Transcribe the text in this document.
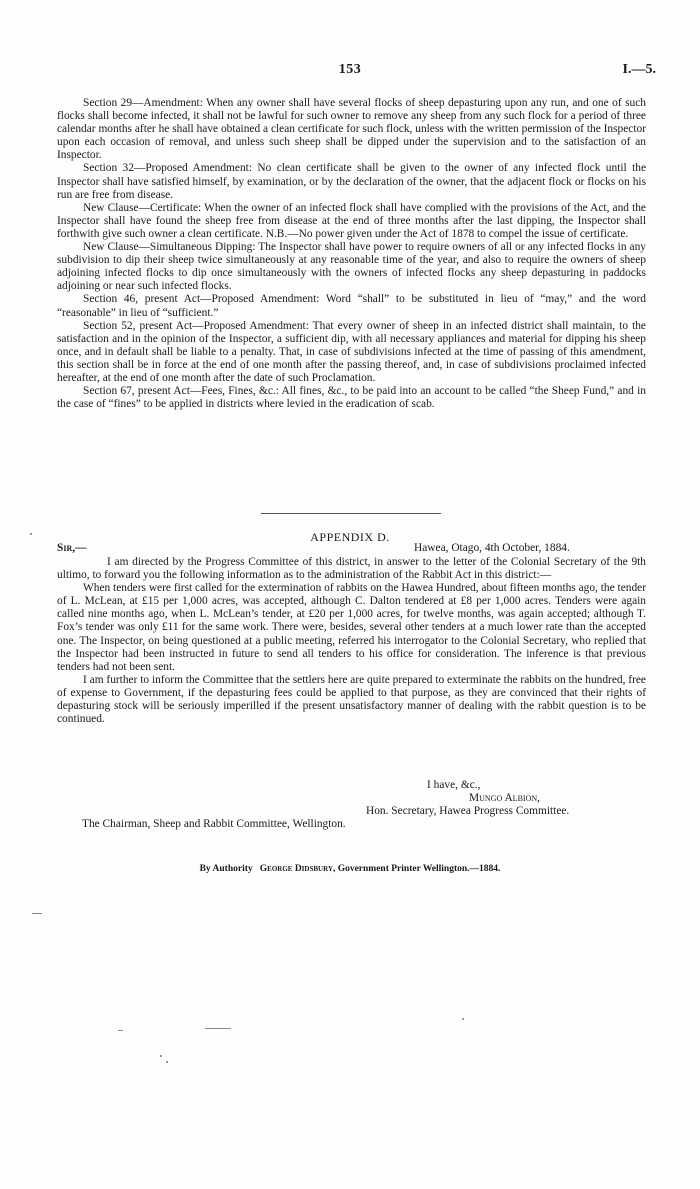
153	I.—5.

Section 29—Amendment: When any owner shall have several flocks of sheep depasturing upon any run, and one of such flocks shall become infected, it shall not be lawful for such owner to remove any sheep from any such flock for a period of three calendar months after he shall have obtained a clean certificate for such flock, unless with the written permission of the Inspector upon each occasion of removal, and unless such sheep shall be dipped under the supervision and to the satisfaction of an Inspector.

Section 32—Proposed Amendment: No clean certificate shall be given to the owner of any infected flock until the Inspector shall have satisfied himself, by examination, or by the declaration of the owner, that the adjacent flock or flocks on his run are free from disease.

New Clause—Certificate: When the owner of an infected flock shall have complied with the provisions of the Act, and the Inspector shall have found the sheep free from disease at the end of three months after the last dipping, the Inspector shall forthwith give such owner a clean certificate. N.B.—No power given under the Act of 1878 to compel the issue of certificate.

New Clause—Simultaneous Dipping: The Inspector shall have power to require owners of all or any infected flocks in any subdivision to dip their sheep twice simultaneously at any reasonable time of the year, and also to require the owners of sheep adjoining infected flocks to dip once simultaneously with the owners of infected flocks any sheep depasturing in paddocks adjoining or near such infected flocks.

Section 46, present Act—Proposed Amendment: Word “shall” to be substituted in lieu of “may,” and the word “reasonable” in lieu of “sufficient.”

Section 52, present Act—Proposed Amendment: That every owner of sheep in an infected district shall maintain, to the satisfaction and in the opinion of the Inspector, a sufficient dip, with all necessary appliances and material for dipping his sheep once, and in default shall be liable to a penalty. That, in case of subdivisions infected at the time of passing of this amendment, this section shall be in force at the end of one month after the passing thereof, and, in case of subdivisions proclaimed infected hereafter, at the end of one month after the date of such Proclamation.

Section 67, present Act—Fees, Fines, &c.: All fines, &c., to be paid into an account to be called “the Sheep Fund,” and in the case of “fines” to be applied in districts where levied in the eradication of scab.

APPENDIX D.
Sir,—	Hawea, Otago, 4th October, 1884.

I am directed by the Progress Committee of this district, in answer to the letter of the Colonial Secretary of the 9th ultimo, to forward you the following information as to the administration of the Rabbit Act in this district:—

When tenders were first called for the extermination of rabbits on the Hawea Hundred, about fifteen months ago, the tender of L. McLean, at £15 per 1,000 acres, was accepted, although C. Dalton tendered at £8 per 1,000 acres. Tenders were again called nine months ago, when L. McLean’s tender, at £20 per 1,000 acres, for twelve months, was again accepted; although T. Fox’s tender was only £11 for the same work. There were, besides, several other tenders at a much lower rate than the accepted one. The Inspector, on being questioned at a public meeting, referred his interrogator to the Colonial Secretary, who replied that the Inspector had been instructed in future to send all tenders to his office for consideration. The inference is that previous tenders had not been sent.

I am further to inform the Committee that the settlers here are quite prepared to exterminate the rabbits on the hundred, free of expense to Government, if the depasturing fees could be applied to that purpose, as they are convinced that their rights of depasturing stock will be seriously imperilled if the present unsatisfactory manner of dealing with the rabbit question is to be continued.

I have, &c.,
Mungo Albion,
Hon. Secretary, Hawea Progress Committee.
The Chairman, Sheep and Rabbit Committee, Wellington.
By Authority George Didsbury, Government Printer Wellington.—1884.
